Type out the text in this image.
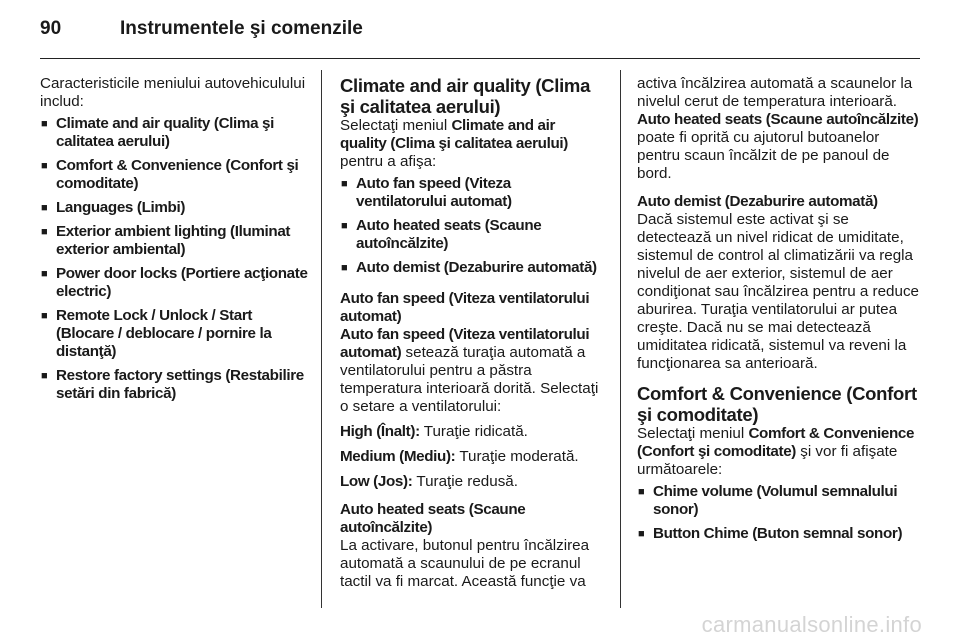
90	Instrumentele şi comenzile

Caracteristicile meniului autovehiculului includ:

■ Climate and air quality (Clima şi calitatea aerului)
■ Comfort & Convenience (Confort şi comoditate)
■ Languages (Limbi)
■ Exterior ambient lighting (Iluminat exterior ambiental)
■ Power door locks (Portiere acţionate electric)
■ Remote Lock / Unlock / Start (Blocare / deblocare / pornire la distanţă)
■ Restore factory settings (Restabilire setări din fabrică)

Climate and air quality (Clima şi calitatea aerului)

Selectaţi meniul Climate and air quality (Clima şi calitatea aerului) pentru a afişa:

■ Auto fan speed (Viteza ventilatorului automat)
■ Auto heated seats (Scaune autoîncălzite)
■ Auto demist (Dezaburire automată)

Auto fan speed (Viteza ventilatorului automat)

Auto fan speed (Viteza ventilatorului automat) setează turaţia automată a ventilatorului pentru a păstra temperatura interioară dorită. Selectaţi o setare a ventilatorului:

High (Înalt): Turaţie ridicată.

Medium (Mediu): Turaţie moderată.

Low (Jos): Turaţie redusă.

Auto heated seats (Scaune autoîncălzite)

La activare, butonul pentru încălzirea automată a scaunului de pe ecranul tactil va fi marcat. Această funcţie va

activa încălzirea automată a scaunelor la nivelul cerut de temperatura interioară. Auto heated seats (Scaune autoîncălzite) poate fi oprită cu ajutorul butoanelor pentru scaun încălzit de pe panoul de bord.

Auto demist (Dezaburire automată)

Dacă sistemul este activat şi se detectează un nivel ridicat de umiditate, sistemul de control al climatizării va regla nivelul de aer exterior, sistemul de aer condiţionat sau încălzirea pentru a reduce aburirea. Turaţia ventilatorului ar putea creşte. Dacă nu se mai detectează umiditatea ridicată, sistemul va reveni la funcţionarea sa anterioară.

Comfort & Convenience (Confort şi comoditate)

Selectaţi meniul Comfort & Convenience (Confort şi comoditate) şi vor fi afişate următoarele:

■ Chime volume (Volumul semnalului sonor)
■ Button Chime (Buton semnal sonor)
carmanualsonline.info
